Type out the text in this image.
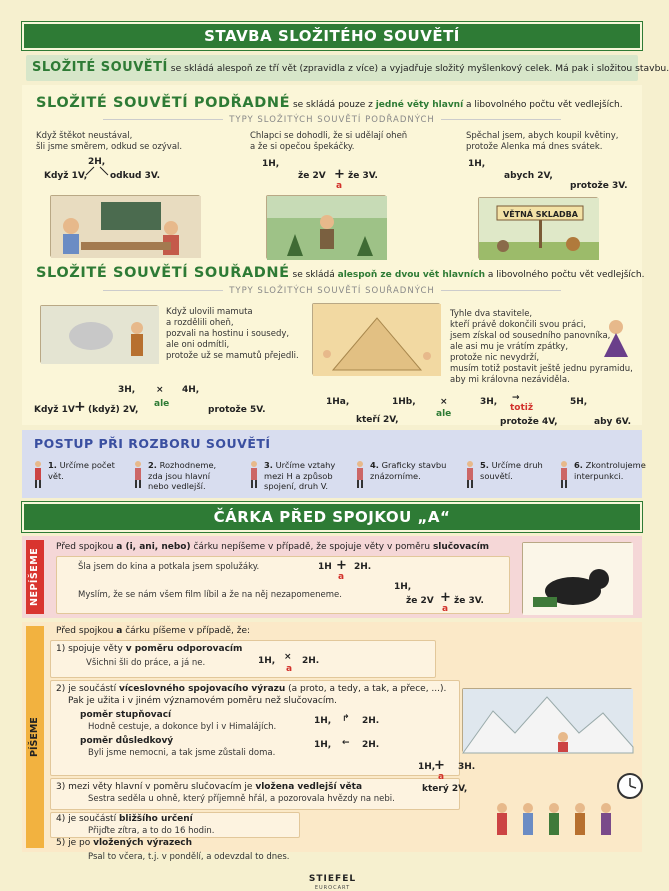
STAVBA SLOŽITÉHO SOUVĚTÍ
SLOŽITÉ SOUVĚTÍ se skládá alespoň ze tří vět (zpravidla z více) a vyjadřuje složitý myšlenkový celek. Má pak i složitou stavbu.
SLOŽITÉ SOUVĚTÍ PODŘADNÉ se skládá pouze z jedné věty hlavní a libovolného počtu vět vedlejších.
TYPY SLOŽITÝCH SOUVĚTÍ PODŘADNÝCH
Když štěkot neustával,
šli jsme směrem, odkud se ozýval.
2H,
Když 1V,	odkud 3V.
Chlapci se dohodli, že si udělají oheň
a že si opečou špekáčky.
1H,
že 2V + že 3V.
a
Spěchal jsem, abych koupil květiny,
protože Alenka má dnes svátek.
1H,
abych 2V,
protože 3V.
VĚTNÁ SKLADBA
SLOŽITÉ SOUVĚTÍ SOUŘADNÉ se skládá alespoň ze dvou vět hlavních a libovolného počtu vět vedlejších.
TYPY SLOŽITÝCH SOUVĚTÍ SOUŘADNÝCH
Když ulovili mamuta
a rozdělili oheň,
pozvali na hostinu i sousedy,
ale oni odmítli,
protože už se mamutů přejedli.
Tyhle dva stavitele,
kteří právě dokončili svou práci,
jsem získal od sousedního panovníka,
ale asi mu je vrátím zpátky,
protože nic nevydrží,
musím totiž postavit ještě jednu pyramidu,
aby mi královna nezáviděla.
3H, × 4H,
Když 1V + (když) 2V,
ale
protože 5V.
1Ha,	1Hb,	×	3H, →
totiž
5H,
kteří 2V,
ale
protože 4V,	aby 6V.
POSTUP PŘI ROZBORU SOUVĚTÍ
1. Určíme počet
vět.
2. Rozhodneme,
zda jsou hlavní
nebo vedlejší.
3. Určíme vztahy
mezi H a způsob
spojení, druh V.
4. Graficky stavbu
znázorníme.
5. Určíme druh
souvětí.
6. Zkontrolujeme
interpunkci.
ČÁRKA PŘED SPOJKOU „A“
NEPÍŠEME
Před spojkou a (i, ani, nebo) čárku nepíšeme v případě, že spojuje věty v poměru slučovacím
Šla jsem do kina a potkala jsem spolužáky.
Myslím, že se nám všem film líbil a že na něj nezapomeneme.
1H + 2H.
a
1H,
že 2V + že 3V.
a
PÍŠEME
Před spojkou a čárku píšeme v případě, že:
1) spojuje věty v poměru odporovacím
Všichni šli do práce, a já ne.	1H, × 2H.
a
2) je součástí víceslovného spojovacího výrazu (a proto, a tedy, a tak, a přece, ...).
Pak je užita i v jiném významovém poměru než slučovacím.
poměr stupňovací
Hodně cestuje, a dokonce byl i v Himalájích.
1H, ↱ 2H.
poměr důsledkový
Byli jsme nemocni, a tak jsme zůstali doma.
1H, ← 2H.
3) mezi věty hlavní v poměru slučovacím je vložena vedlejší věta
Sestra seděla u ohně, který příjemně hřál, a pozorovala hvězdy na nebi.
1H,
+ 3H.
a
který 2V,
4) je součástí bližšího určení
Přijďte zítra, a to do 16 hodin.
5) je po vložených výrazech
Psal to včera, t.j. v pondělí, a odevzdal to dnes.
STIEFEL
EUROCART
